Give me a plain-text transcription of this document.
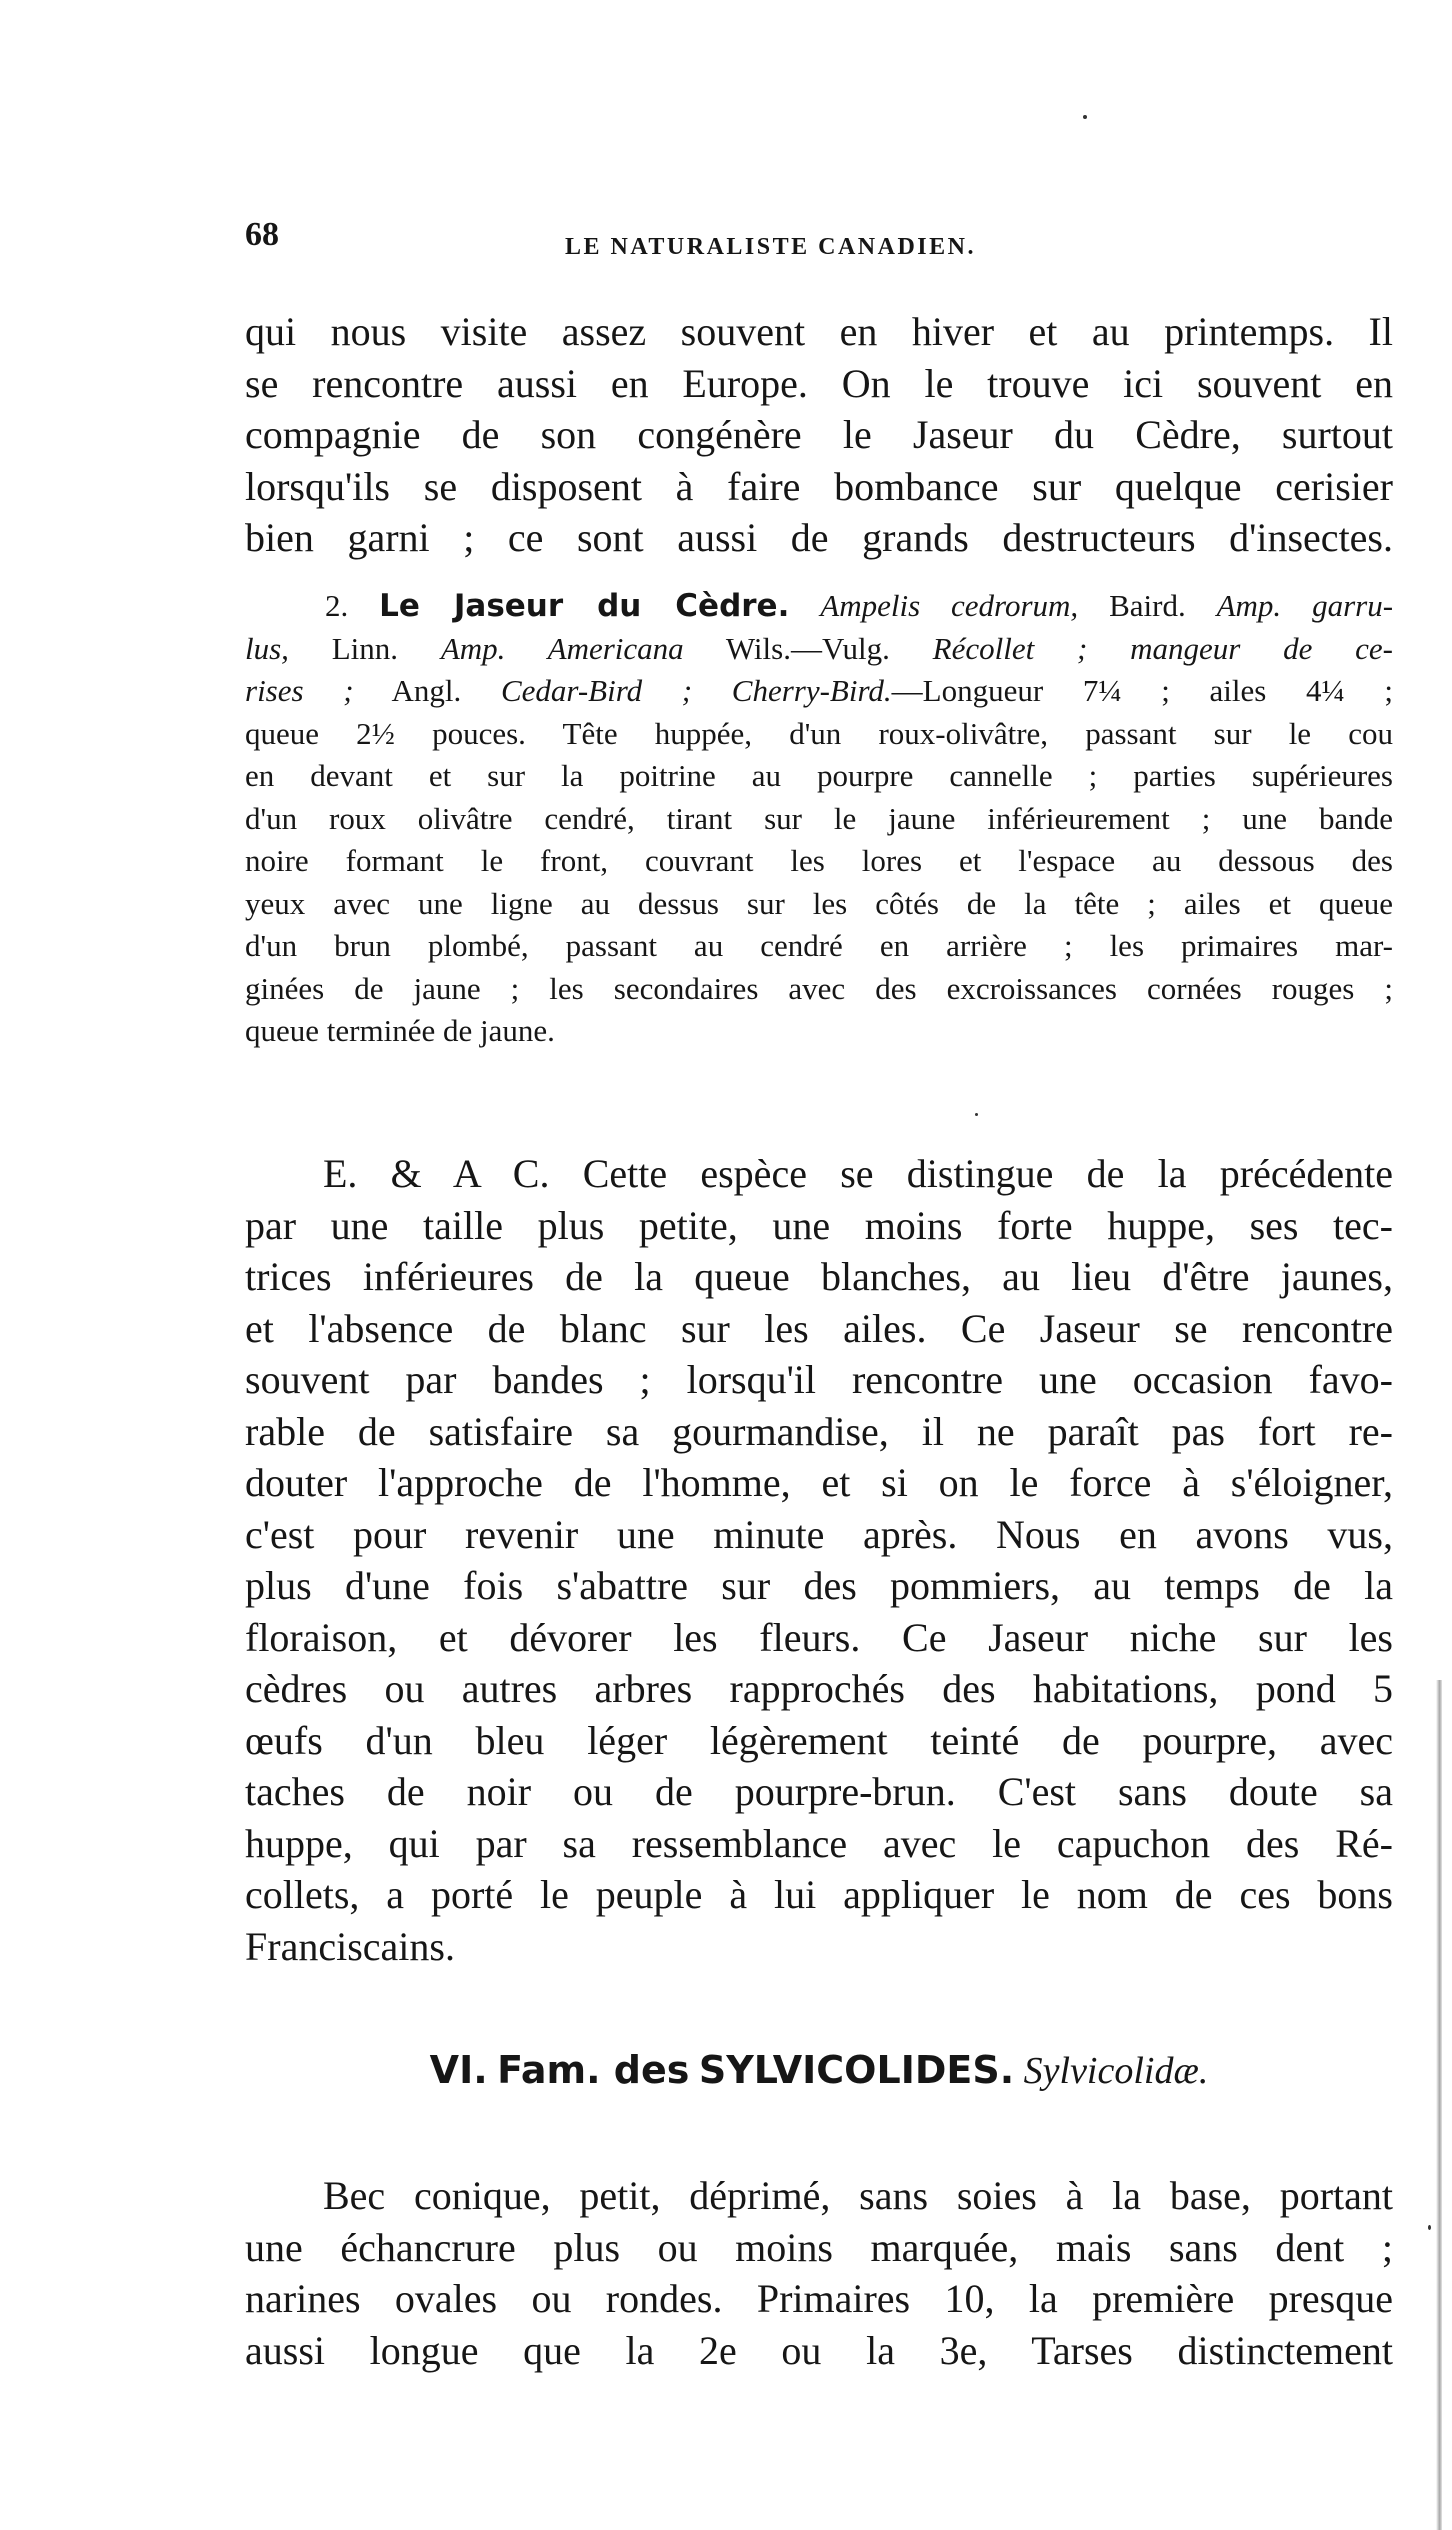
68	LE NATURALISTE CANADIEN.
qui nous visite assez souvent en hiver et au printemps. Il
se rencontre aussi en Europe. On le trouve ici souvent en
compagnie de son congénère le Jaseur du Cèdre, surtout
lorsqu'ils se disposent à faire bombance sur quelque cerisier
bien garni ; ce sont aussi de grands destructeurs d'insectes.
2. Le Jaseur du Cèdre. Ampelis cedrorum, Baird. Amp. garru-
lus, Linn. Amp. Americana Wils.—Vulg. Récollet ; mangeur de ce-
rises ; Angl. Cedar-Bird ; Cherry-Bird.—Longueur 7¼ ; ailes 4¼ ;
queue 2½ pouces. Tête huppée, d'un roux-olivâtre, passant sur le cou
en devant et sur la poitrine au pourpre cannelle ; parties supérieures
d'un roux olivâtre cendré, tirant sur le jaune inférieurement ; une bande
noire formant le front, couvrant les lores et l'espace au dessous des
yeux avec une ligne au dessus sur les côtés de la tête ; ailes et queue
d'un brun plombé, passant au cendré en arrière ; les primaires mar-
ginées de jaune ; les secondaires avec des excroissances cornées rouges ;
queue terminée de jaune.
E. & A C. Cette espèce se distingue de la précédente
par une taille plus petite, une moins forte huppe, ses tec-
trices inférieures de la queue blanches, au lieu d'être jaunes,
et l'absence de blanc sur les ailes. Ce Jaseur se rencontre
souvent par bandes ; lorsqu'il rencontre une occasion favo-
rable de satisfaire sa gourmandise, il ne paraît pas fort re-
douter l'approche de l'homme, et si on le force à s'éloigner,
c'est pour revenir une minute après. Nous en avons vus,
plus d'une fois s'abattre sur des pommiers, au temps de la
floraison, et dévorer les fleurs. Ce Jaseur niche sur les
cèdres ou autres arbres rapprochés des habitations, pond 5
œufs d'un bleu léger légèrement teinté de pourpre, avec
taches de noir ou de pourpre-brun. C'est sans doute sa
huppe, qui par sa ressemblance avec le capuchon des Ré-
collets, a porté le peuple à lui appliquer le nom de ces bons
Franciscains.
VI. Fam. des SYLVICOLIDES. Sylvicolidæ.
Bec conique, petit, déprimé, sans soies à la base, portant
une échancrure plus ou moins marquée, mais sans dent ;
narines ovales ou rondes. Primaires 10, la première presque
aussi longue que la 2e ou la 3e, Tarses distinctement
